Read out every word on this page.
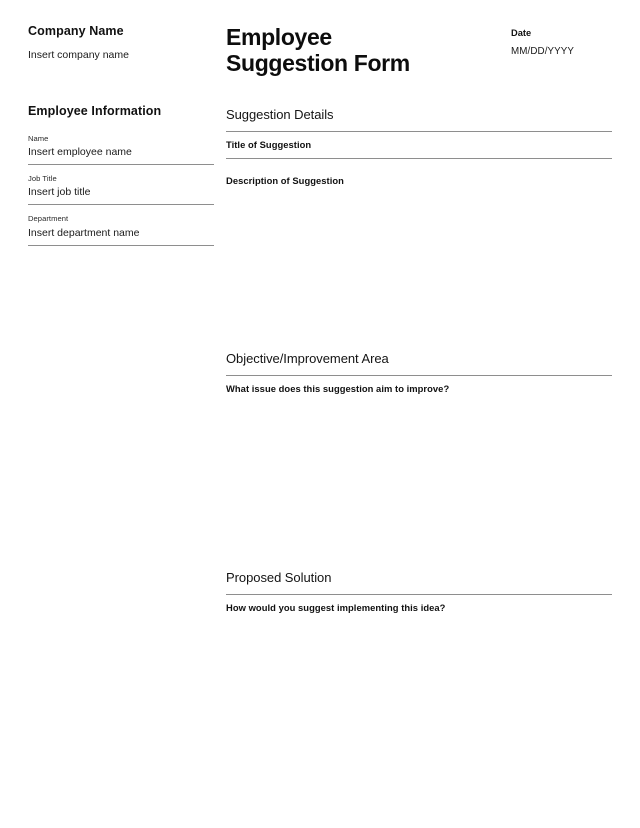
Company Name
Insert company name
Employee Information
Name
Insert employee name
Job Title
Insert job title
Department
Insert department name
Employee
Suggestion Form
Date
MM/DD/YYYY
Suggestion Details
Title of Suggestion
Description of Suggestion
Objective/Improvement Area
What issue does this suggestion aim to improve?
Proposed Solution
How would you suggest implementing this idea?
